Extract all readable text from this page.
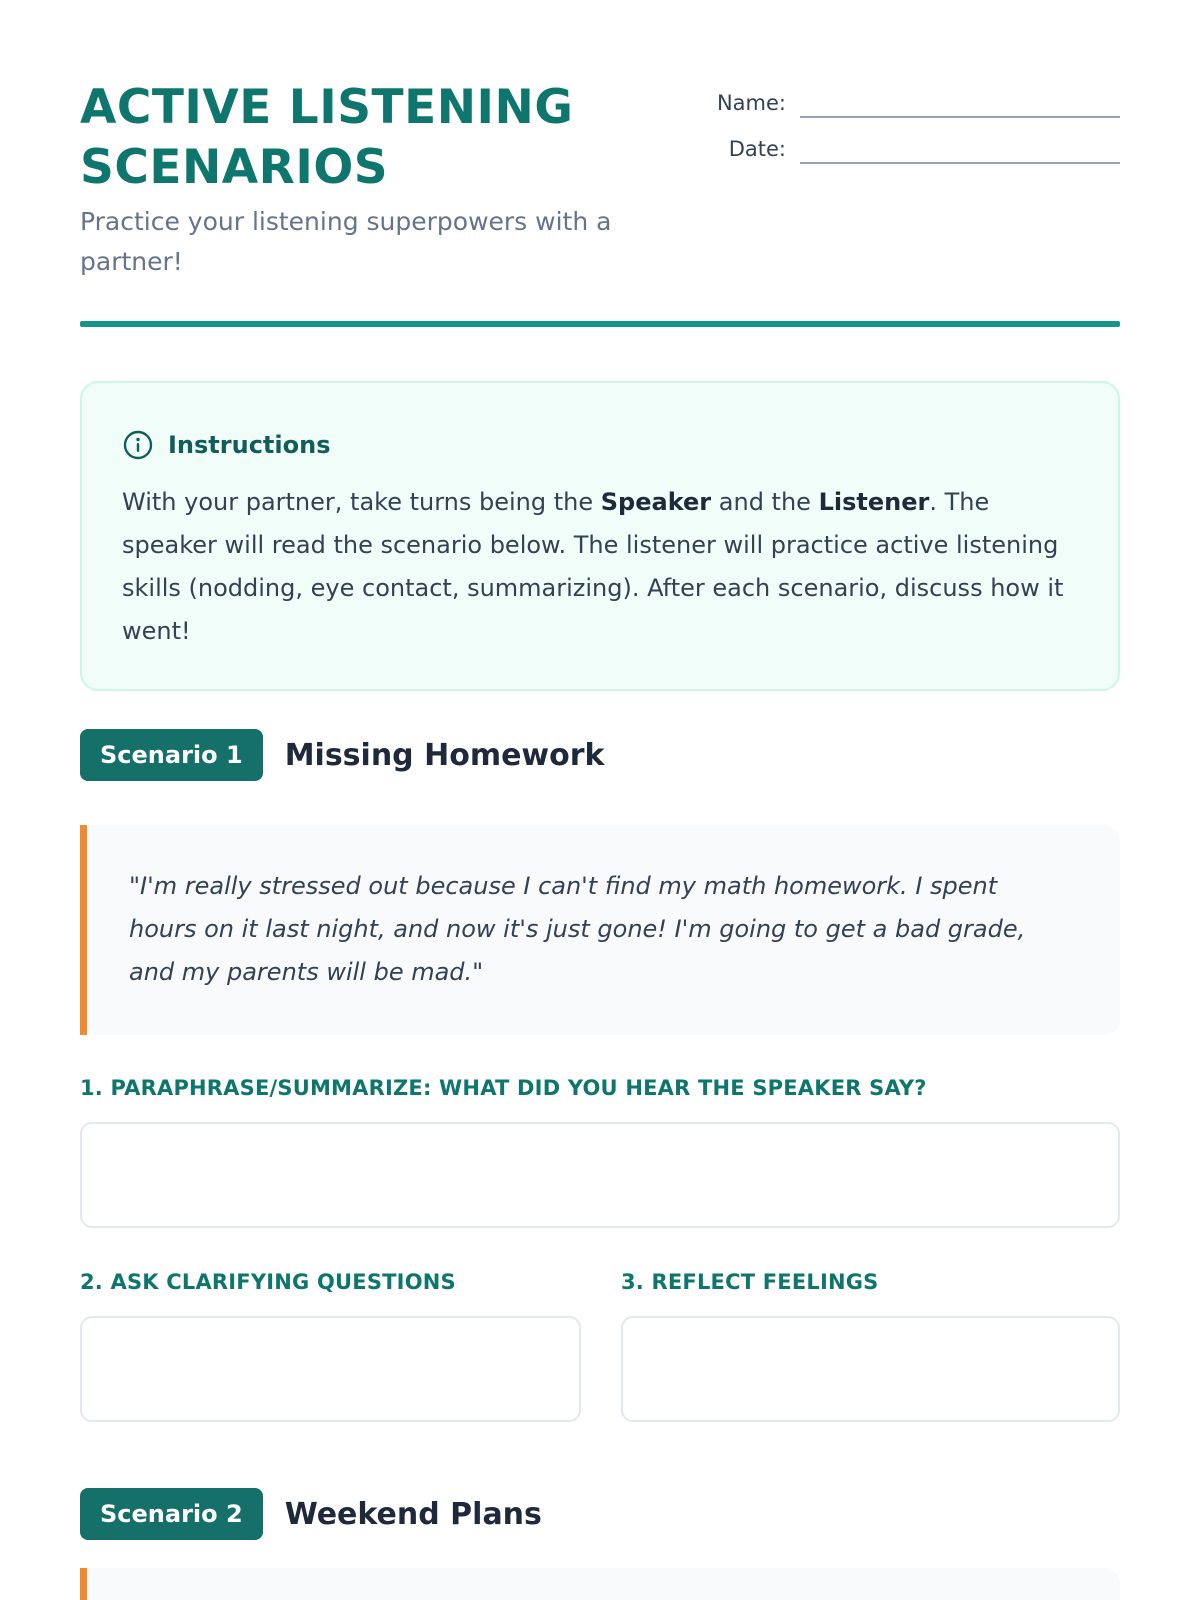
ACTIVE LISTENING
SCENARIOS

Practice your listening superpowers with a partner!

Name:
Date:
Instructions

With your partner, take turns being the Speaker and the Listener. The speaker will read the scenario below. The listener will practice active listening skills (nodding, eye contact, summarizing). After each scenario, discuss how it went!

Scenario 1	Missing Homework
"I'm really stressed out because I can't find my math homework. I spent hours on it last night, and now it's just gone! I'm going to get a bad grade, and my parents will be mad."
1. PARAPHRASE/SUMMARIZE: WHAT DID YOU HEAR THE SPEAKER SAY?
2. ASK CLARIFYING QUESTIONS	3. REFLECT FEELINGS
Scenario 2	Weekend Plans
